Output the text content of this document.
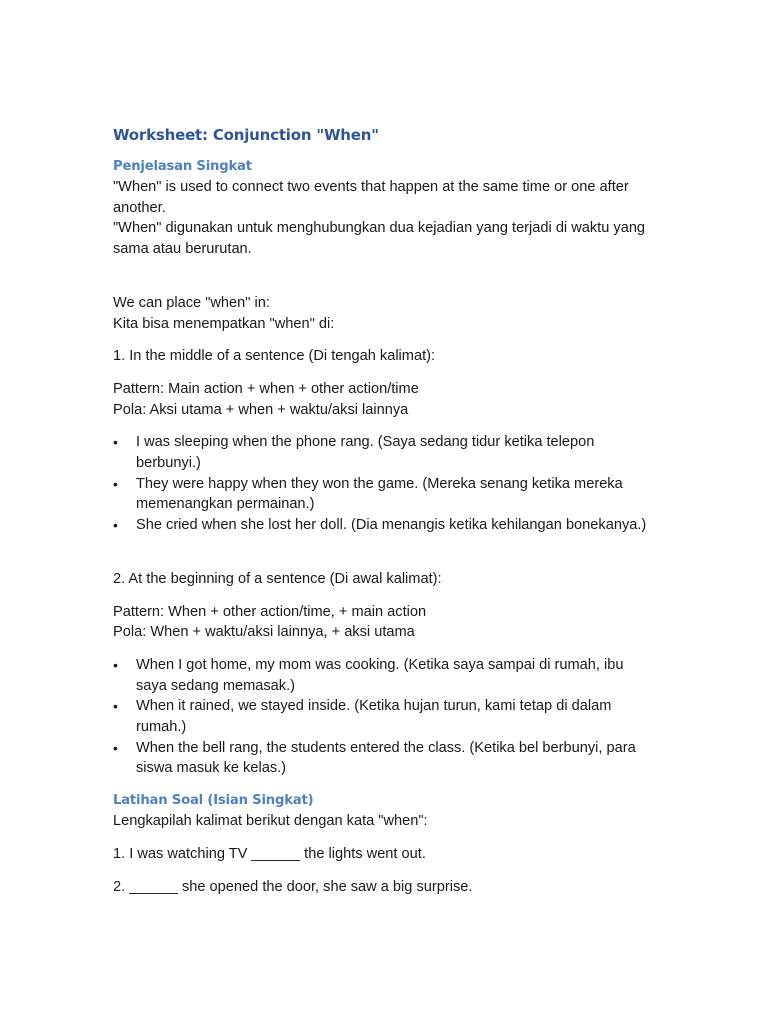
Worksheet: Conjunction "When"
Penjelasan Singkat

"When" is used to connect two events that happen at the same time or one after another.

"When" digunakan untuk menghubungkan dua kejadian yang terjadi di waktu yang sama atau berurutan.

We can place "when" in:

Kita bisa menempatkan "when" di:

1. In the middle of a sentence (Di tengah kalimat):

Pattern: Main action + when + other action/time

Pola: Aksi utama + when + waktu/aksi lainnya

• I was sleeping when the phone rang. (Saya sedang tidur ketika telepon berbunyi.)
• They were happy when they won the game. (Mereka senang ketika mereka memenangkan permainan.)
• She cried when she lost her doll. (Dia menangis ketika kehilangan bonekanya.)

2. At the beginning of a sentence (Di awal kalimat):

Pattern: When + other action/time, + main action

Pola: When + waktu/aksi lainnya, + aksi utama

• When I got home, my mom was cooking. (Ketika saya sampai di rumah, ibu saya sedang memasak.)
• When it rained, we stayed inside. (Ketika hujan turun, kami tetap di dalam rumah.)
• When the bell rang, the students entered the class. (Ketika bel berbunyi, para siswa masuk ke kelas.)
Latihan Soal (Isian Singkat)

Lengkapilah kalimat berikut dengan kata "when":

1. I was watching TV ______ the lights went out.

2. ______ she opened the door, she saw a big surprise.
